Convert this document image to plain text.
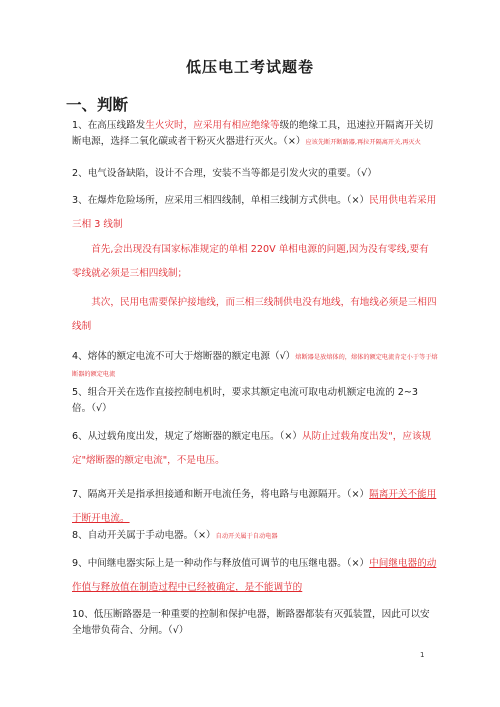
低压电工考试题卷
一、判断
1、在高压线路发生火灾时，应采用有相应绝缘等级的绝缘工具，迅速拉开隔离开关切断电源，选择二氧化碳或者干粉灭火器进行灭火。（×）应该先断开断路器,再拉开隔离开关,再灭火
2、电气设备缺陷，设计不合理，安装不当等都是引发火灾的重要。（√）
3、在爆炸危险场所，应采用三相四线制，单相三线制方式供电。（×）民用供电若采用三相 3 线制
首先,会出现没有国家标准规定的单相 220V 单相电源的问题,因为没有零线,要有零线就必须是三相四线制；
其次，民用电需要保护接地线，而三相三线制供电没有地线，有地线必须是三相四线制
4、熔体的额定电流不可大于熔断器的额定电源（√）熔断器是放熔体的，熔体的额定电流肯定小于等于熔断器的额定电流
5、组合开关在选作直接控制电机时，要求其额定电流可取电动机额定电流的 2~3 倍。（√）
6、从过载角度出发，规定了熔断器的额定电压。（×）从防止过载角度出发"，应该规定"熔断器的额定电流"，不是电压。
7、隔离开关是指承担接通和断开电流任务，将电路与电源隔开。（×）隔离开关不能用于断开电流。
8、自动开关属于手动电器。（×）自动开关属于自动电器
9、中间继电器实际上是一种动作与释放值可调节的电压继电器。（×）中间继电器的动作值与释放值在制造过程中已经被确定，是不能调节的
10、低压断路器是一种重要的控制和保护电器，断路器都装有灭弧装置，因此可以安全地带负荷合、分闸。（√）
1
